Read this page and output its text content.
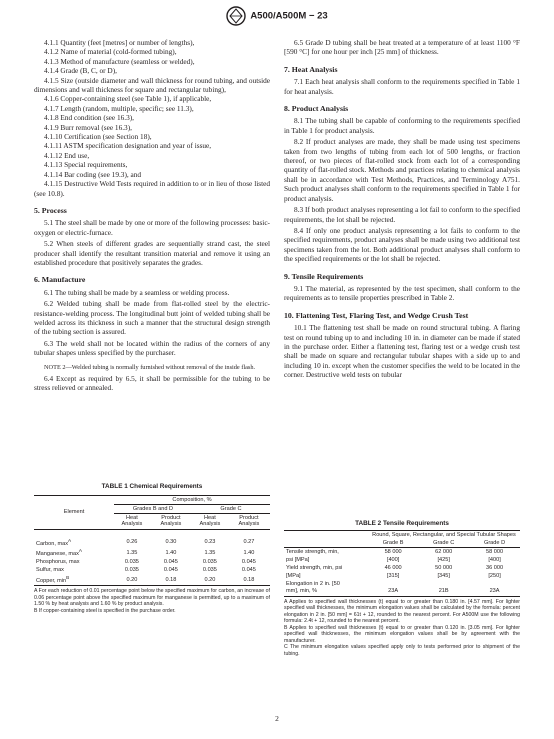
A500/A500M − 23

4.1.1 Quantity (feet [metres] or number of lengths),

4.1.2 Name of material (cold-formed tubing),

4.1.3 Method of manufacture (seamless or welded),

4.1.4 Grade (B, C, or D),

4.1.5 Size (outside diameter and wall thickness for round tubing, and outside dimensions and wall thickness for square and rectangular tubing),

4.1.6 Copper-containing steel (see Table 1), if applicable,

4.1.7 Length (random, multiple, specific; see 11.3),

4.1.8 End condition (see 16.3),

4.1.9 Burr removal (see 16.3),

4.1.10 Certification (see Section 18),

4.1.11 ASTM specification designation and year of issue,

4.1.12 End use,

4.1.13 Special requirements,

4.1.14 Bar coding (see 19.3), and

4.1.15 Destructive Weld Tests required in addition to or in lieu of those listed (see 10.8).

5. Process

5.1 The steel shall be made by one or more of the following processes: basic-oxygen or electric-furnace.

5.2 When steels of different grades are sequentially strand cast, the steel producer shall identify the resultant transition material and remove it using an established procedure that positively separates the grades.

6. Manufacture

6.1 The tubing shall be made by a seamless or welding process.

6.2 Welded tubing shall be made from flat-rolled steel by the electric-resistance-welding process. The longitudinal butt joint of welded tubing shall be welded across its thickness in such a manner that the structural design strength of the tubing section is assured.

6.3 The weld shall not be located within the radius of the corners of any tubular shapes unless specified by the purchaser.

NOTE 2—Welded tubing is normally furnished without removal of the inside flash.

6.4 Except as required by 6.5, it shall be permissible for the tubing to be stress relieved or annealed.

TABLE 1 Chemical Requirements
Element	Composition, %			
	Grades B and D		Grade C	
	Heat Analysis	Product Analysis	Heat Analysis	Product Analysis

Carbon, $\max^A$	0.26	0.30	0.23	0.27
Manganese, $\max^A$	1.35	1.40	1.35	1.40
Phosphorus, max	0.035	0.045	0.035	0.045
Sulfur, max	0.035	0.045	0.035	0.045
Copper, $\min^B$	0.20	0.18	0.20	0.18

A For each reduction of 0.01 percentage point below the specified maximum for carbon, an increase of 0.06 percentage point above the specified maximum for manganese is permitted, up to a maximum of 1.50 % by heat analysis and 1.60 % by product analysis.

B If copper-containing steel is specified in the purchase order.

6.5 Grade D tubing shall be heat treated at a temperature of at least 1100 °F [590 °C] for one hour per inch [25 mm] of thickness.

7. Heat Analysis

7.1 Each heat analysis shall conform to the requirements specified in Table 1 for heat analysis.

8. Product Analysis

8.1 The tubing shall be capable of conforming to the requirements specified in Table 1 for product analysis.

8.2 If product analyses are made, they shall be made using test specimens taken from two lengths of tubing from each lot of 500 lengths, or fraction thereof, or two pieces of flat-rolled stock from each lot of a corresponding quantity of flat-rolled stock. Methods and practices relating to chemical analysis shall be in accordance with Test Methods, Practices, and Terminology A751. Such product analyses shall conform to the requirements specified in Table 1 for product analysis.

8.3 If both product analyses representing a lot fail to conform to the specified requirements, the lot shall be rejected.

8.4 If only one product analysis representing a lot fails to conform to the specified requirements, product analyses shall be made using two additional test specimens taken from the lot. Both additional product analyses shall conform to the specified requirements or the lot shall be rejected.

9. Tensile Requirements

9.1 The material, as represented by the test specimen, shall conform to the requirements as to tensile properties prescribed in Table 2.

10. Flattening Test, Flaring Test, and Wedge Crush Test

10.1 The flattening test shall be made on round structural tubing. A flaring test on round tubing up to and including 10 in. in diameter can be made if stated in the purchase order. Either a flattening test, flaring test or a wedge crush test shall be made on square and rectangular tubular shapes with a side up to and including 10 in. except when the customer specifies the weld to be located in the corner. Destructive weld tests on tubular

TABLE 2 Tensile Requirements
	Round, Square, Rectangular, and Special Tubular Shapes		
	Grade B	Grade C	Grade D
Tensile strength, min,	58 000	62 000	58 000
psi [MPa]	[400]	[425]	[400]
Yield strength, min, psi	46 000	50 000	36 000
[MPa]	[315]	[345]	[250]
Elongation in 2 in. [50			
mm], min, %	23A	21B	23A

A Applies to specified wall thicknesses (t) equal to or greater than 0.180 in. [4.57 mm]. For lighter specified wall thicknesses, the minimum elongation values shall be calculated by the formula: percent elongation in 2 in. [50 mm] = 61t + 12, rounded to the nearest percent. For A500M use the following formula: 2.4t + 12, rounded to the nearest percent.

B Applies to specified wall thicknesses (t) equal to or greater than 0.120 in. [3.05 mm]. For lighter specified wall thicknesses, the minimum elongation values shall be by agreement with the manufacturer.

C The minimum elongation values specified apply only to tests performed prior to shipment of the tubing.

2
